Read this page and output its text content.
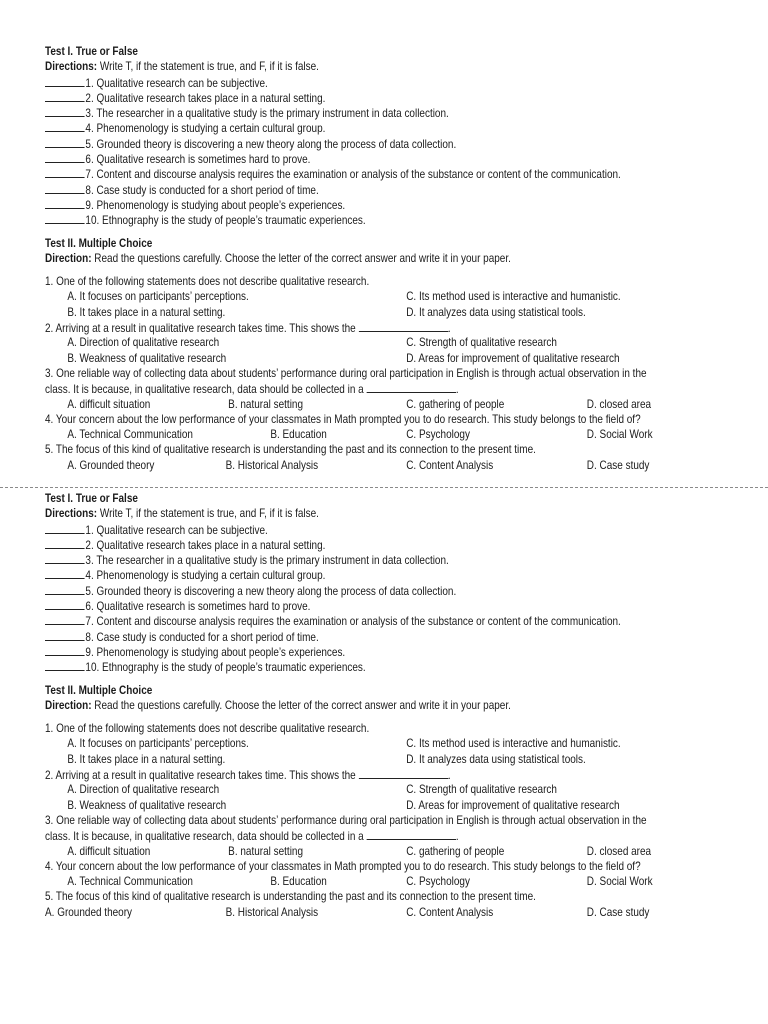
Test I. True or False
Directions: Write T, if the statement is true, and F, if it is false.
1. Qualitative research can be subjective.
2. Qualitative research takes place in a natural setting.
3. The researcher in a qualitative study is the primary instrument in data collection.
4. Phenomenology is studying a certain cultural group.
5. Grounded theory is discovering a new theory along the process of data collection.
6. Qualitative research is sometimes hard to prove.
7. Content and discourse analysis requires the examination or analysis of the substance or content of the communication.
8. Case study is conducted for a short period of time.
9. Phenomenology is studying about people’s experiences.
10. Ethnography is the study of people’s traumatic experiences.
Test II. Multiple Choice
Direction: Read the questions carefully. Choose the letter of the correct answer and write it in your paper.
1. One of the following statements does not describe qualitative research.
A. It focuses on participants’ perceptions.	C. Its method used is interactive and humanistic.
B. It takes place in a natural setting.	D. It analyzes data using statistical tools.
2. Arriving at a result in qualitative research takes time. This shows the	.
A. Direction of qualitative research	C. Strength of qualitative research
B. Weakness of qualitative research	D. Areas for improvement of qualitative research
3. One reliable way of collecting data about students’ performance during oral participation in English is through actual observation in the
class. It is because, in qualitative research, data should be collected in a	.
A. difficult situation	B. natural setting	C. gathering of people	D. closed area
4. Your concern about the low performance of your classmates in Math prompted you to do research. This study belongs to the field of?
A. Technical Communication	B. Education	C. Psychology	D. Social Work
5. The focus of this kind of qualitative research is understanding the past and its connection to the present time.
A. Grounded theory	B. Historical Analysis	C. Content Analysis	D. Case study
Test I. True or False
Directions: Write T, if the statement is true, and F, if it is false.
1. Qualitative research can be subjective.
2. Qualitative research takes place in a natural setting.
3. The researcher in a qualitative study is the primary instrument in data collection.
4. Phenomenology is studying a certain cultural group.
5. Grounded theory is discovering a new theory along the process of data collection.
6. Qualitative research is sometimes hard to prove.
7. Content and discourse analysis requires the examination or analysis of the substance or content of the communication.
8. Case study is conducted for a short period of time.
9. Phenomenology is studying about people’s experiences.
10. Ethnography is the study of people’s traumatic experiences.
Test II. Multiple Choice
Direction: Read the questions carefully. Choose the letter of the correct answer and write it in your paper.
1. One of the following statements does not describe qualitative research.
A. It focuses on participants’ perceptions.	C. Its method used is interactive and humanistic.
B. It takes place in a natural setting.	D. It analyzes data using statistical tools.
2. Arriving at a result in qualitative research takes time. This shows the	.
A. Direction of qualitative research	C. Strength of qualitative research
B. Weakness of qualitative research	D. Areas for improvement of qualitative research
3. One reliable way of collecting data about students’ performance during oral participation in English is through actual observation in the
class. It is because, in qualitative research, data should be collected in a	.
A. difficult situation	B. natural setting	C. gathering of people	D. closed area
4. Your concern about the low performance of your classmates in Math prompted you to do research. This study belongs to the field of?
A. Technical Communication	B. Education	C. Psychology	D. Social Work
5. The focus of this kind of qualitative research is understanding the past and its connection to the present time.
A. Grounded theory	B. Historical Analysis	C. Content Analysis	D. Case study
